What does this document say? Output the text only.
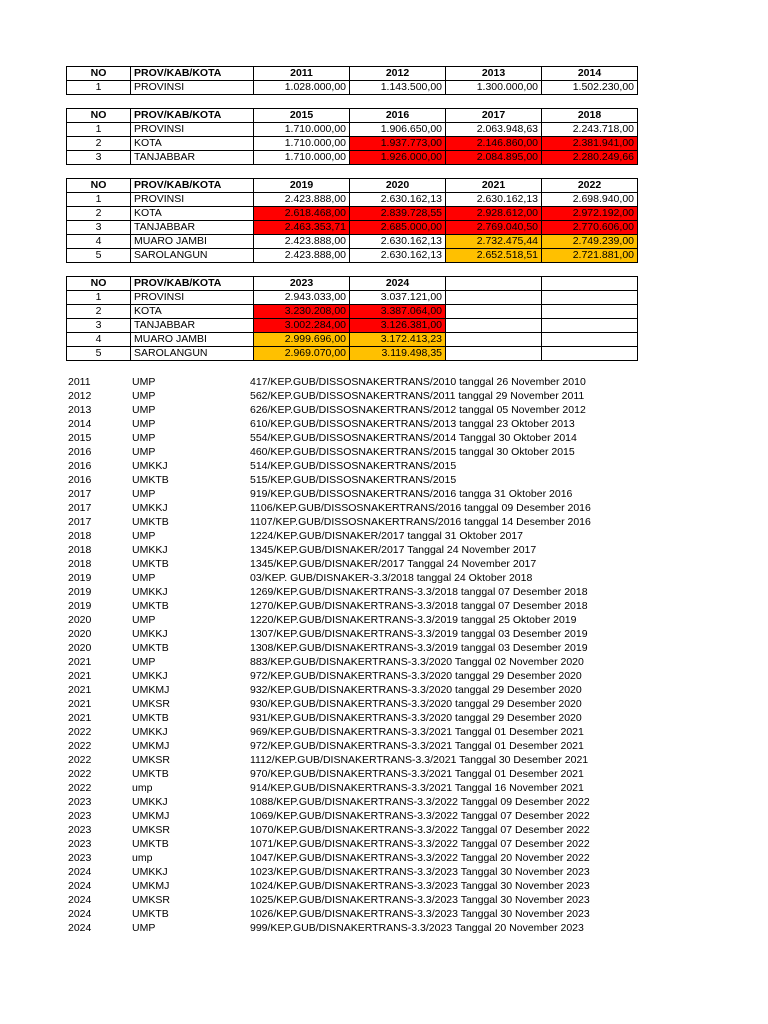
NO	PROV/KAB/KOTA	2011	2012	2013	2014
1	PROVINSI	1.028.000,00	1.143.500,00	1.300.000,00	1.502.230,00
NO	PROV/KAB/KOTA	2015	2016	2017	2018
1	PROVINSI	1.710.000,00	1.906.650,00	2.063.948,63	2.243.718,00
2	KOTA	1.710.000,00	1.937.773,00	2.146.860,00	2.381.941,00
3	TANJABBAR	1.710.000,00	1.926.000,00	2.084.895,00	2.280.249,66
NO	PROV/KAB/KOTA	2019	2020	2021	2022
1	PROVINSI	2.423.888,00	2.630.162,13	2.630.162,13	2.698.940,00
2	KOTA	2.618.468,00	2.839.728,55	2.928.612,00	2.972.192,00
3	TANJABBAR	2.463.353,71	2.685.000,00	2.769.040,50	2.770.606,00
4	MUARO JAMBI	2.423.888,00	2.630.162,13	2.732.475,44	2.749.239,00
5	SAROLANGUN	2.423.888,00	2.630.162,13	2.652.518,51	2.721.881,00
NO	PROV/KAB/KOTA	2023	2024		
1	PROVINSI	2.943.033,00	3.037.121,00		
2	KOTA	3.230.208,00	3.387.064,00		
3	TANJABBAR	3.002.284,00	3.126.381,00		
4	MUARO JAMBI	2.999.696,00	3.172.413,23		
5	SAROLANGUN	2.969.070,00	3.119.498,35		
2011	UMP	417/KEP.GUB/DISSOSNAKERTRANS/2010 tanggal 26 November 2010
2012	UMP	562/KEP.GUB/DISSOSNAKERTRANS/2011 tanggal 29 November 2011
2013	UMP	626/KEP.GUB/DISSOSNAKERTRANS/2012 tanggal 05 November 2012
2014	UMP	610/KEP.GUB/DISSOSNAKERTRANS/2013 tanggal 23 Oktober 2013
2015	UMP	554/KEP.GUB/DISSOSNAKERTRANS/2014 Tanggal 30 Oktober 2014
2016	UMP	460/KEP.GUB/DISSOSNAKERTRANS/2015 tanggal 30 Oktober 2015
2016	UMKKJ	514/KEP.GUB/DISSOSNAKERTRANS/2015
2016	UMKTB	515/KEP.GUB/DISSOSNAKERTRANS/2015
2017	UMP	919/KEP.GUB/DISSOSNAKERTRANS/2016 tangga 31 Oktober 2016
2017	UMKKJ	1106/KEP.GUB/DISSOSNAKERTRANS/2016 tanggal 09 Desember 2016
2017	UMKTB	1107/KEP.GUB/DISSOSNAKERTRANS/2016 tanggal 14 Desember 2016
2018	UMP	1224/KEP.GUB/DISNAKER/2017 tanggal 31 Oktober 2017
2018	UMKKJ	1345/KEP.GUB/DISNAKER/2017 Tanggal 24 November 2017
2018	UMKTB	1345/KEP.GUB/DISNAKER/2017 Tanggal 24 November 2017
2019	UMP	03/KEP. GUB/DISNAKER-3.3/2018 tanggal 24 Oktober 2018
2019	UMKKJ	1269/KEP.GUB/DISNAKERTRANS-3.3/2018 tanggal 07 Desember 2018
2019	UMKTB	1270/KEP.GUB/DISNAKERTRANS-3.3/2018 tanggal 07 Desember 2018
2020	UMP	1220/KEP.GUB/DISNAKERTRANS-3.3/2019 tanggal 25 Oktober 2019
2020	UMKKJ	1307/KEP.GUB/DISNAKERTRANS-3.3/2019 tanggal 03 Desember 2019
2020	UMKTB	1308/KEP.GUB/DISNAKERTRANS-3.3/2019 tanggal 03 Desember 2019
2021	UMP	883/KEP.GUB/DISNAKERTRANS-3.3/2020 Tanggal 02 November 2020
2021	UMKKJ	972/KEP.GUB/DISNAKERTRANS-3.3/2020 tanggal 29 Desember 2020
2021	UMKMJ	932/KEP.GUB/DISNAKERTRANS-3.3/2020 tanggal 29 Desember 2020
2021	UMKSR	930/KEP.GUB/DISNAKERTRANS-3.3/2020 tanggal 29 Desember 2020
2021	UMKTB	931/KEP.GUB/DISNAKERTRANS-3.3/2020 tanggal 29 Desember 2020
2022	UMKKJ	969/KEP.GUB/DISNAKERTRANS-3.3/2021 Tanggal 01 Desember 2021
2022	UMKMJ	972/KEP.GUB/DISNAKERTRANS-3.3/2021 Tanggal 01 Desember 2021
2022	UMKSR	1112/KEP.GUB/DISNAKERTRANS-3.3/2021 Tanggal 30 Desember 2021
2022	UMKTB	970/KEP.GUB/DISNAKERTRANS-3.3/2021 Tanggal 01 Desember 2021
2022	ump	914/KEP.GUB/DISNAKERTRANS-3.3/2021 Tanggal 16 November 2021
2023	UMKKJ	1088/KEP.GUB/DISNAKERTRANS-3.3/2022 Tanggal 09 Desember 2022
2023	UMKMJ	1069/KEP.GUB/DISNAKERTRANS-3.3/2022 Tanggal 07 Desember 2022
2023	UMKSR	1070/KEP.GUB/DISNAKERTRANS-3.3/2022 Tanggal 07 Desember 2022
2023	UMKTB	1071/KEP.GUB/DISNAKERTRANS-3.3/2022 Tanggal 07 Desember 2022
2023	ump	1047/KEP.GUB/DISNAKERTRANS-3.3/2022 Tanggal 20 November 2022
2024	UMKKJ	1023/KEP.GUB/DISNAKERTRANS-3.3/2023 Tanggal 30 November 2023
2024	UMKMJ	1024/KEP.GUB/DISNAKERTRANS-3.3/2023 Tanggal 30 November 2023
2024	UMKSR	1025/KEP.GUB/DISNAKERTRANS-3.3/2023 Tanggal 30 November 2023
2024	UMKTB	1026/KEP.GUB/DISNAKERTRANS-3.3/2023 Tanggal 30 November 2023
2024	UMP	999/KEP.GUB/DISNAKERTRANS-3.3/2023 Tanggal 20 November 2023
